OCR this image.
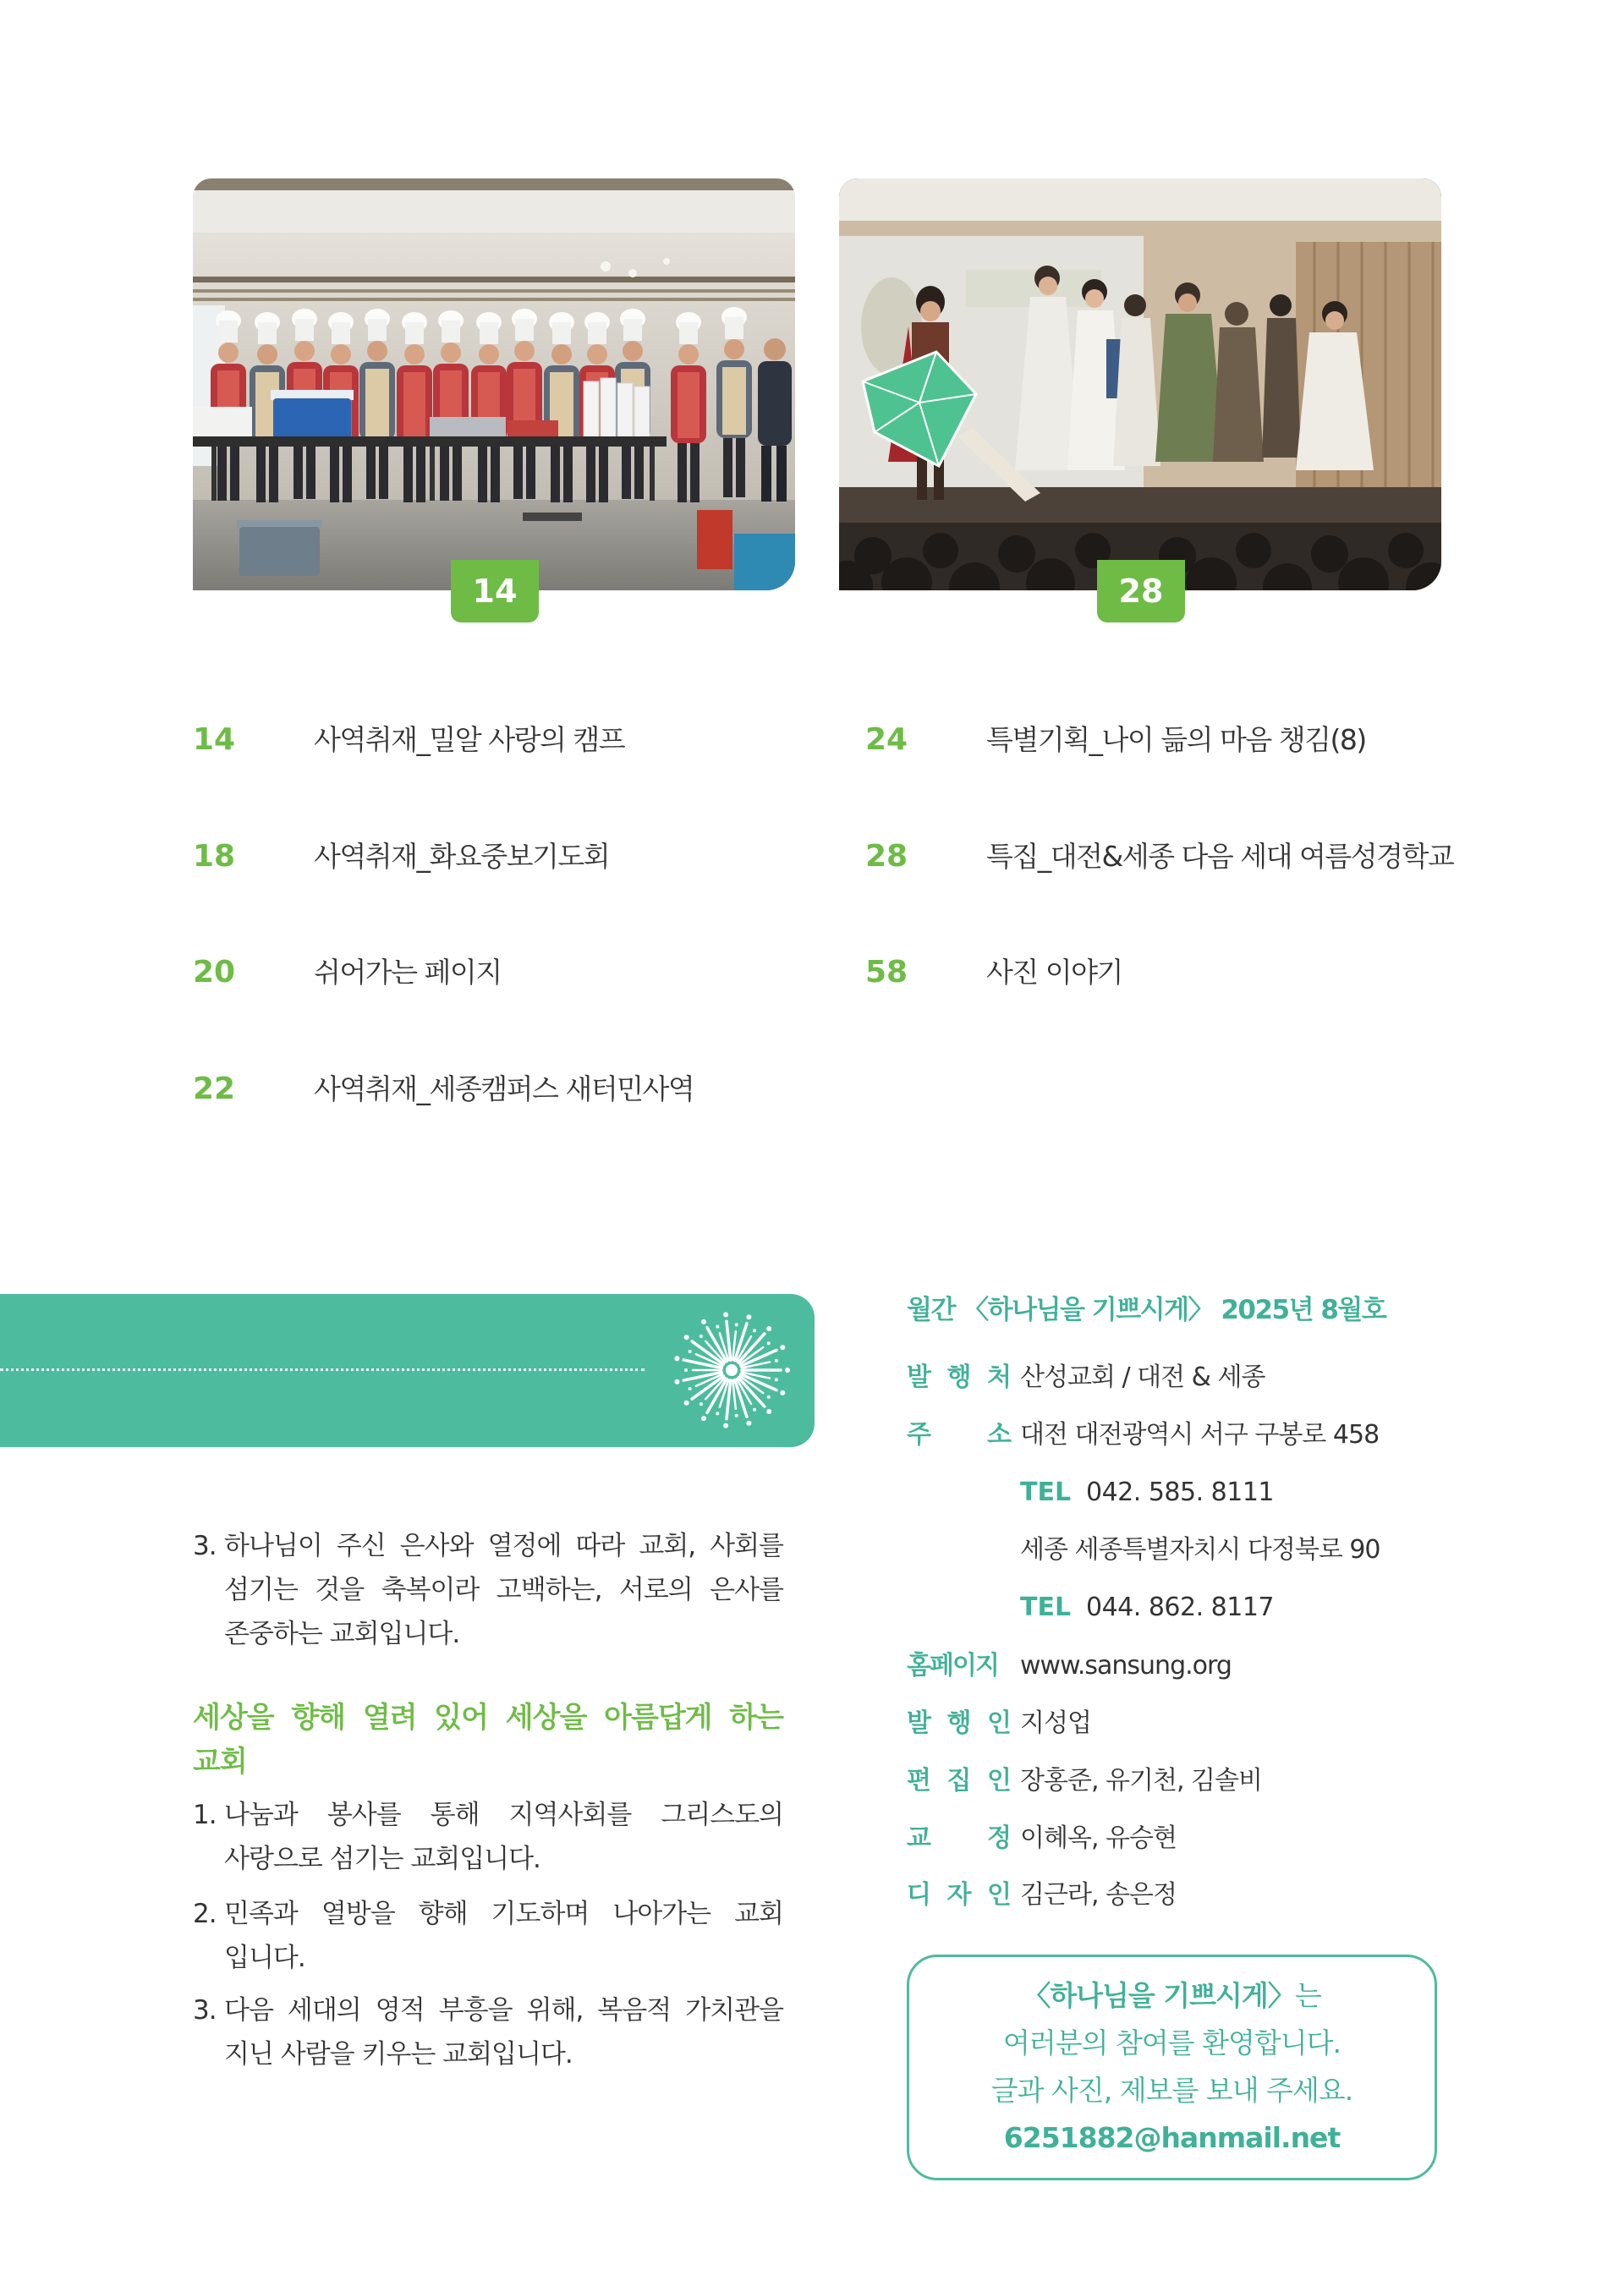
14	28
14	사역취재_밀알 사랑의 캠프
18	사역취재_화요중보기도회
20	쉬어가는 페이지
22	사역취재_세종캠퍼스 새터민사역
24	특별기획_나이 듦의 마음 챙김(8)
28	특집_대전&세종 다음 세대 여름성경학교
58	사진 이야기
3. 하나님이 주신 은사와 열정에 따라 교회, 사회를
섬기는 것을 축복이라 고백하는, 서로의 은사를
존중하는 교회입니다.
세상을 향해 열려 있어 세상을 아름답게 하는
교회
1. 나눔과 봉사를 통해 지역사회를 그리스도의
사랑으로 섬기는 교회입니다.
2. 민족과 열방을 향해 기도하며 나아가는 교회
입니다.
3. 다음 세대의 영적 부흥을 위해, 복음적 가치관을
지닌 사람을 키우는 교회입니다.
월간 〈하나님을 기쁘시게〉 2025년 8월호
발 행 처 산성교회 / 대전 & 세종
주 소 대전 대전광역시 서구 구봉로 458
TEL 042. 585. 8111
세종 세종특별자치시 다정북로 90
TEL 044. 862. 8117
홈페이지 www.sansung.org
발 행 인 지성업
편 집 인 장홍준, 유기천, 김솔비
교 정 이혜옥, 유승현
디 자 인 김근라, 송은정
〈하나님을 기쁘시게〉는
여러분의 참여를 환영합니다.
글과 사진, 제보를 보내 주세요.
6251882@hanmail.net
